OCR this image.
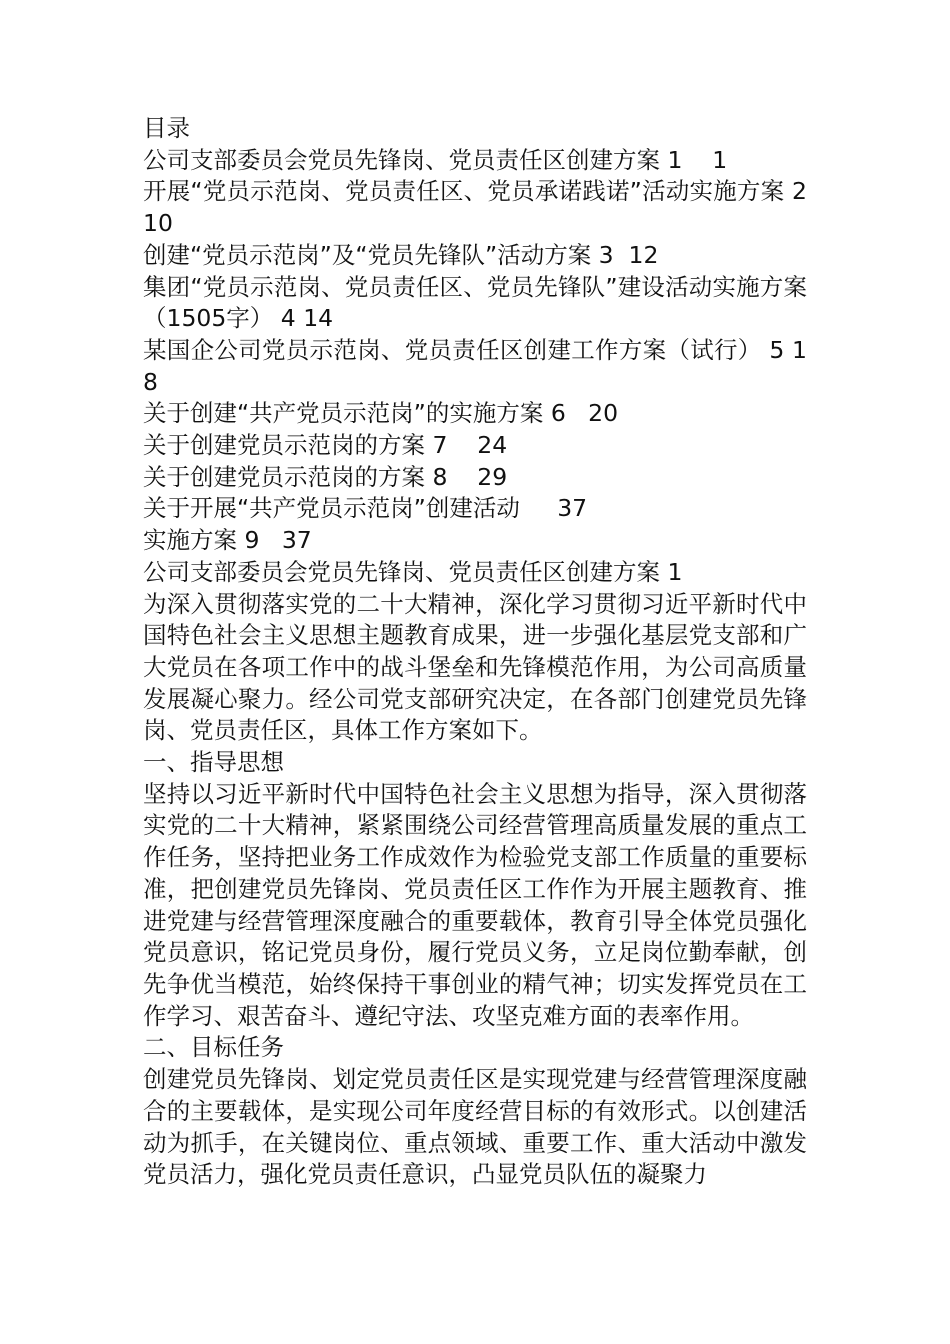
目录

公司支部委员会党员先锋岗、党员责任区创建方案 1    1

开展“党员示范岗、党员责任区、党员承诺践诺”活动实施方案 2 10

创建“党员示范岗”及“党员先锋队”活动方案 3  12

集团“党员示范岗、党员责任区、党员先锋队”建设活动实施方案（1505字） 4 14

某国企公司党员示范岗、党员责任区创建工作方案（试行） 5 18

关于创建“共产党员示范岗”的实施方案 6   20

关于创建党员示范岗的方案 7    24

关于创建党员示范岗的方案 8    29

关于开展“共产党员示范岗”创建活动     37

实施方案 9   37

公司支部委员会党员先锋岗、党员责任区创建方案 1

为深入贯彻落实党的二十大精神，深化学习贯彻习近平新时代中国特色社会主义思想主题教育成果，进一步强化基层党支部和广大党员在各项工作中的战斗堡垒和先锋模范作用，为公司高质量发展凝心聚力。经公司党支部研究决定，在各部门创建党员先锋岗、党员责任区，具体工作方案如下。

一、指导思想

坚持以习近平新时代中国特色社会主义思想为指导，深入贯彻落实党的二十大精神，紧紧围绕公司经营管理高质量发展的重点工作任务，坚持把业务工作成效作为检验党支部工作质量的重要标准，把创建党员先锋岗、党员责任区工作作为开展主题教育、推进党建与经营管理深度融合的重要载体，教育引导全体党员强化党员意识，铭记党员身份，履行党员义务，立足岗位勤奉献，创先争优当模范，始终保持干事创业的精气神；切实发挥党员在工作学习、艰苦奋斗、遵纪守法、攻坚克难方面的表率作用。

二、目标任务

创建党员先锋岗、划定党员责任区是实现党建与经营管理深度融合的主要载体，是实现公司年度经营目标的有效形式。以创建活动为抓手，在关键岗位、重点领域、重要工作、重大活动中激发党员活力，强化党员责任意识，凸显党员队伍的凝聚力
